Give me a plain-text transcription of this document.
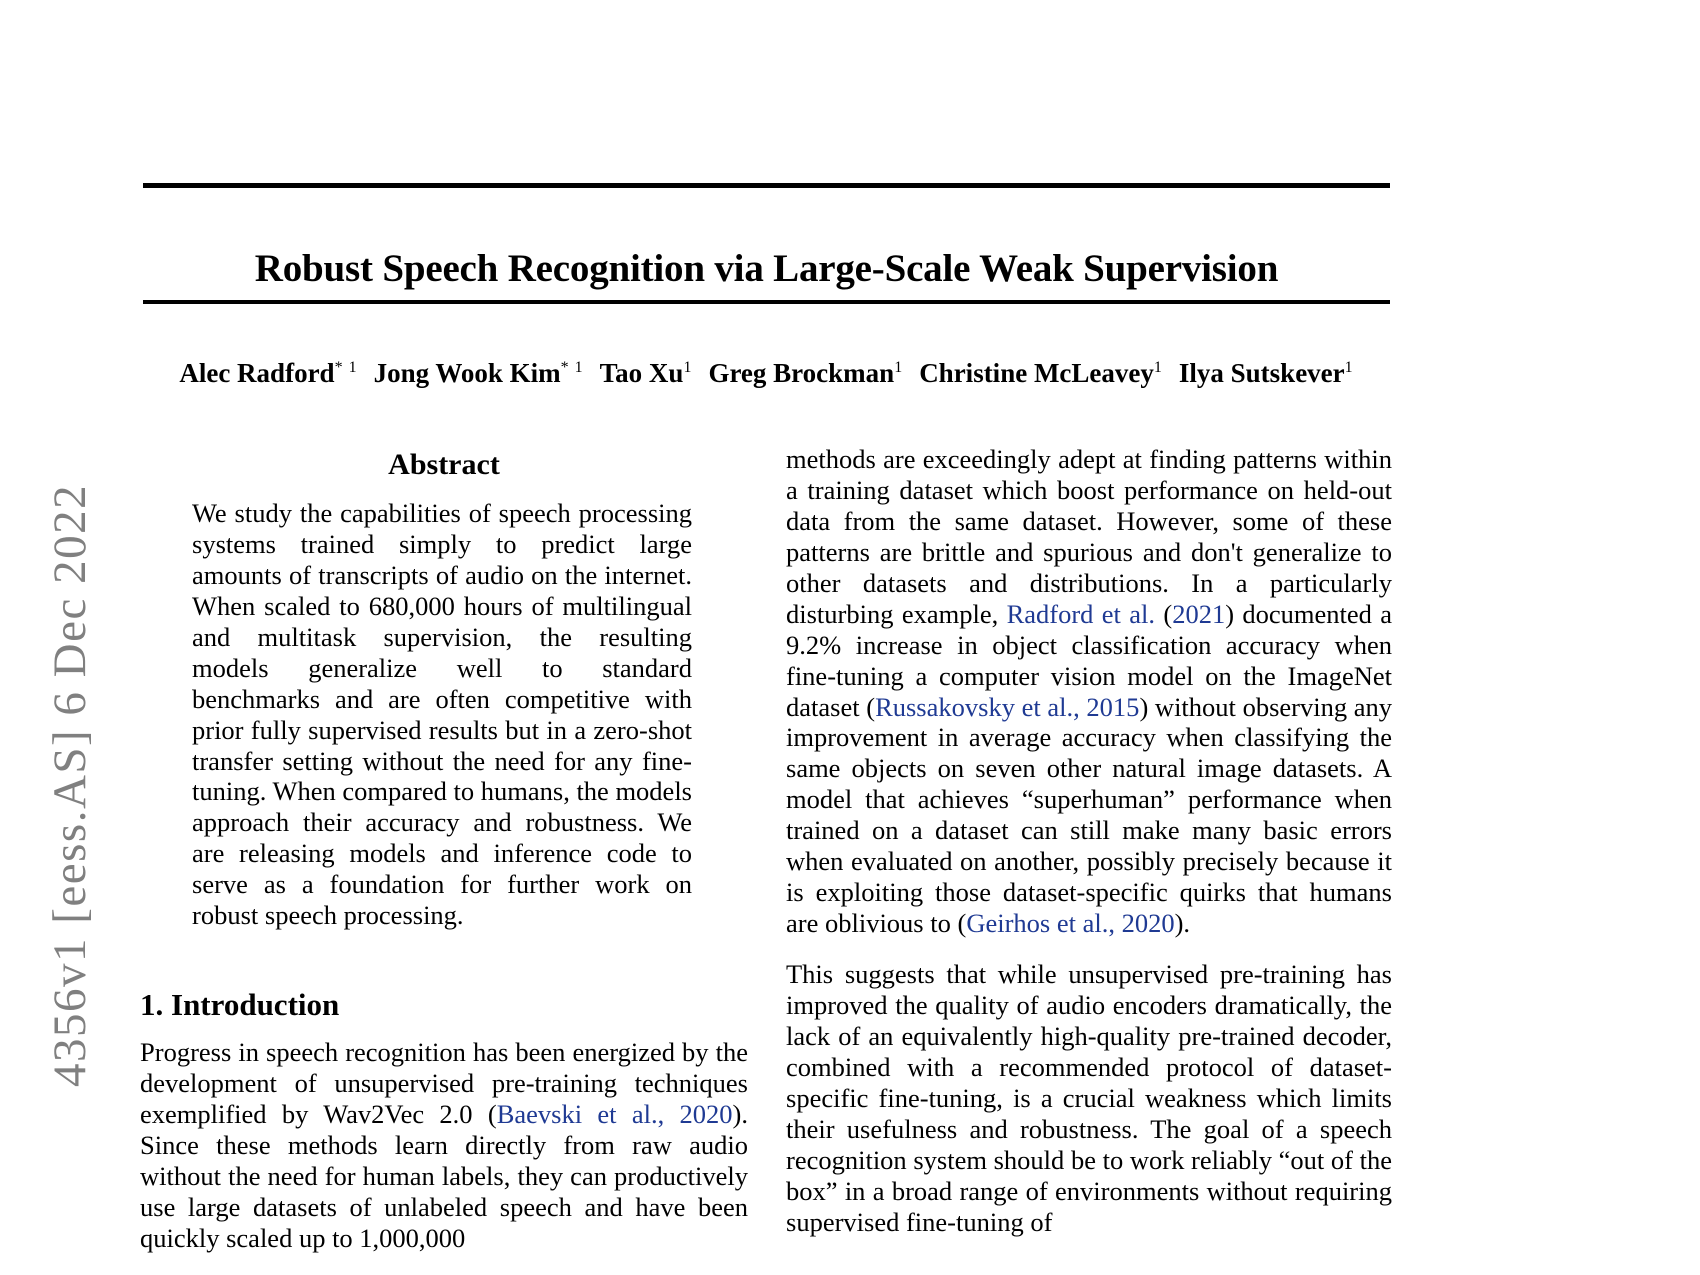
4356v1 [eess.AS] 6 Dec 2022
Robust Speech Recognition via Large-Scale Weak Supervision
Alec Radford$^{* 1}$ Jong Wook Kim$^{* 1}$ Tao Xu$^1$ Greg Brockman$^1$ Christine McLeavey$^1$ Ilya Sutskever$^1$
Abstract
We study the capabilities of speech processing systems trained simply to predict large amounts of transcripts of audio on the internet. When scaled to 680,000 hours of multilingual and multitask supervision, the resulting models generalize well to standard benchmarks and are often competitive with prior fully supervised results but in a zero-shot transfer setting without the need for any fine-tuning. When compared to humans, the models approach their accuracy and robustness. We are releasing models and inference code to serve as a foundation for further work on robust speech processing.
1. Introduction

Progress in speech recognition has been energized by the development of unsupervised pre-training techniques exemplified by Wav2Vec 2.0 (Baevski et al., 2020). Since these methods learn directly from raw audio without the need for human labels, they can productively use large datasets of unlabeled speech and have been quickly scaled up to 1,000,000

methods are exceedingly adept at finding patterns within a training dataset which boost performance on held-out data from the same dataset. However, some of these patterns are brittle and spurious and don't generalize to other datasets and distributions. In a particularly disturbing example, Radford et al. (2021) documented a 9.2% increase in object classification accuracy when fine-tuning a computer vision model on the ImageNet dataset (Russakovsky et al., 2015) without observing any improvement in average accuracy when classifying the same objects on seven other natural image datasets. A model that achieves “superhuman” performance when trained on a dataset can still make many basic errors when evaluated on another, possibly precisely because it is exploiting those dataset-specific quirks that humans are oblivious to (Geirhos et al., 2020).

This suggests that while unsupervised pre-training has improved the quality of audio encoders dramatically, the lack of an equivalently high-quality pre-trained decoder, combined with a recommended protocol of dataset-specific fine-tuning, is a crucial weakness which limits their usefulness and robustness. The goal of a speech recognition system should be to work reliably “out of the box” in a broad range of environments without requiring supervised fine-tuning of
